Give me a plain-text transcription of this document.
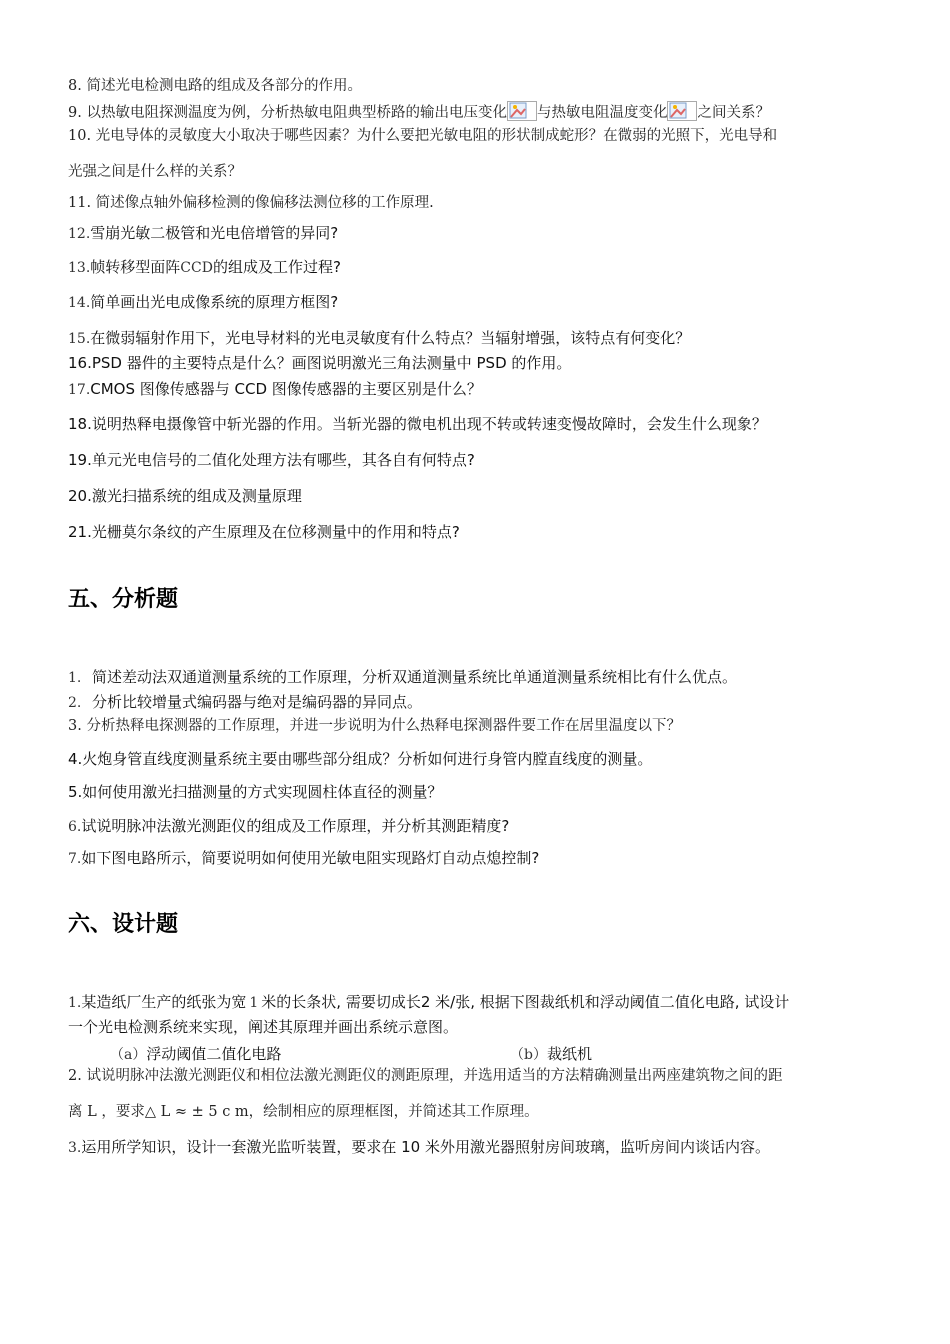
8. 简述光电检测电路的组成及各部分的作用。
9. 以热敏电阻探测温度为例，分析热敏电阻典型桥路的输出电压变化 与热敏电阻温度变化 之间关系？
10. 光电导体的灵敏度大小取决于哪些因素？为什么要把光敏电阻的形状制成蛇形？在微弱的光照下，光电导和
光强之间是什么样的关系？
11. 简述像点轴外偏移检测的像偏移法测位移的工作原理.
12.雪崩光敏二极管和光电倍增管的异同?
13.帧转移型面阵CCD的组成及工作过程?
14.简单画出光电成像系统的原理方框图?
15.在微弱辐射作用下，光电导材料的光电灵敏度有什么特点？当辐射增强，该特点有何变化？
16.PSD 器件的主要特点是什么？画图说明激光三角法测量中 PSD 的作用。
17.CMOS 图像传感器与 CCD 图像传感器的主要区别是什么？
18.说明热释电摄像管中斩光器的作用。当斩光器的微电机出现不转或转速变慢故障时，会发生什么现象？
19.单元光电信号的二值化处理方法有哪些，其各自有何特点?
20.激光扫描系统的组成及测量原理
21.光栅莫尔条纹的产生原理及在位移测量中的作用和特点?
五、分析题
1. 简述差动法双通道测量系统的工作原理，分析双通道测量系统比单通道测量系统相比有什么优点。
2. 分析比较增量式编码器与绝对是编码器的异同点。
3. 分析热释电探测器的工作原理，并进一步说明为什么热释电探测器件要工作在居里温度以下？
4.火炮身管直线度测量系统主要由哪些部分组成？分析如何进行身管内膛直线度的测量。
5.如何使用激光扫描测量的方式实现圆柱体直径的测量？
6.试说明脉冲法激光测距仪的组成及工作原理，并分析其测距精度?
7.如下图电路所示，简要说明如何使用光敏电阻实现路灯自动点熄控制?
六、设计题
1.某造纸厂生产的纸张为宽 1 米的长条状, 需要切成长2 米/张, 根据下图裁纸机和浮动阈值二值化电路, 试设计
一个光电检测系统来实现，阐述其原理并画出系统示意图。
（a）浮动阈值二值化电路	（b）裁纸机
2. 试说明脉冲法激光测距仪和相位法激光测距仪的测距原理，并选用适当的方法精确测量出两座建筑物之间的距
离 L ，要求△ L ≈ ± 5 c m，绘制相应的原理框图，并简述其工作原理。
3.运用所学知识，设计一套激光监听装置，要求在 10 米外用激光器照射房间玻璃，监听房间内谈话内容。
